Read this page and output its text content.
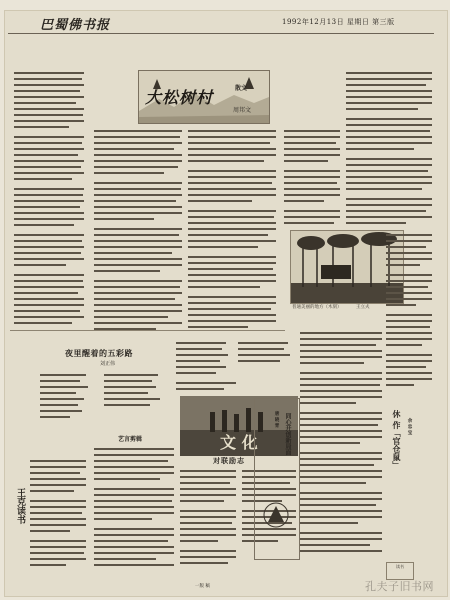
巴蜀佛书报	1992年12月13日 星期日 第三版
大松树村	散文
周邦文
普通美丽的地方（木刻）	王立夫
夜里醒着的五彩路
刘正伟
王克读书
艺言剪辑	文 化
对联励志
同心开创新局面
唐 晓 青	休 作「官仓鼠」 余 忠 宝
读书
一版 稿	孔夫子旧书网
